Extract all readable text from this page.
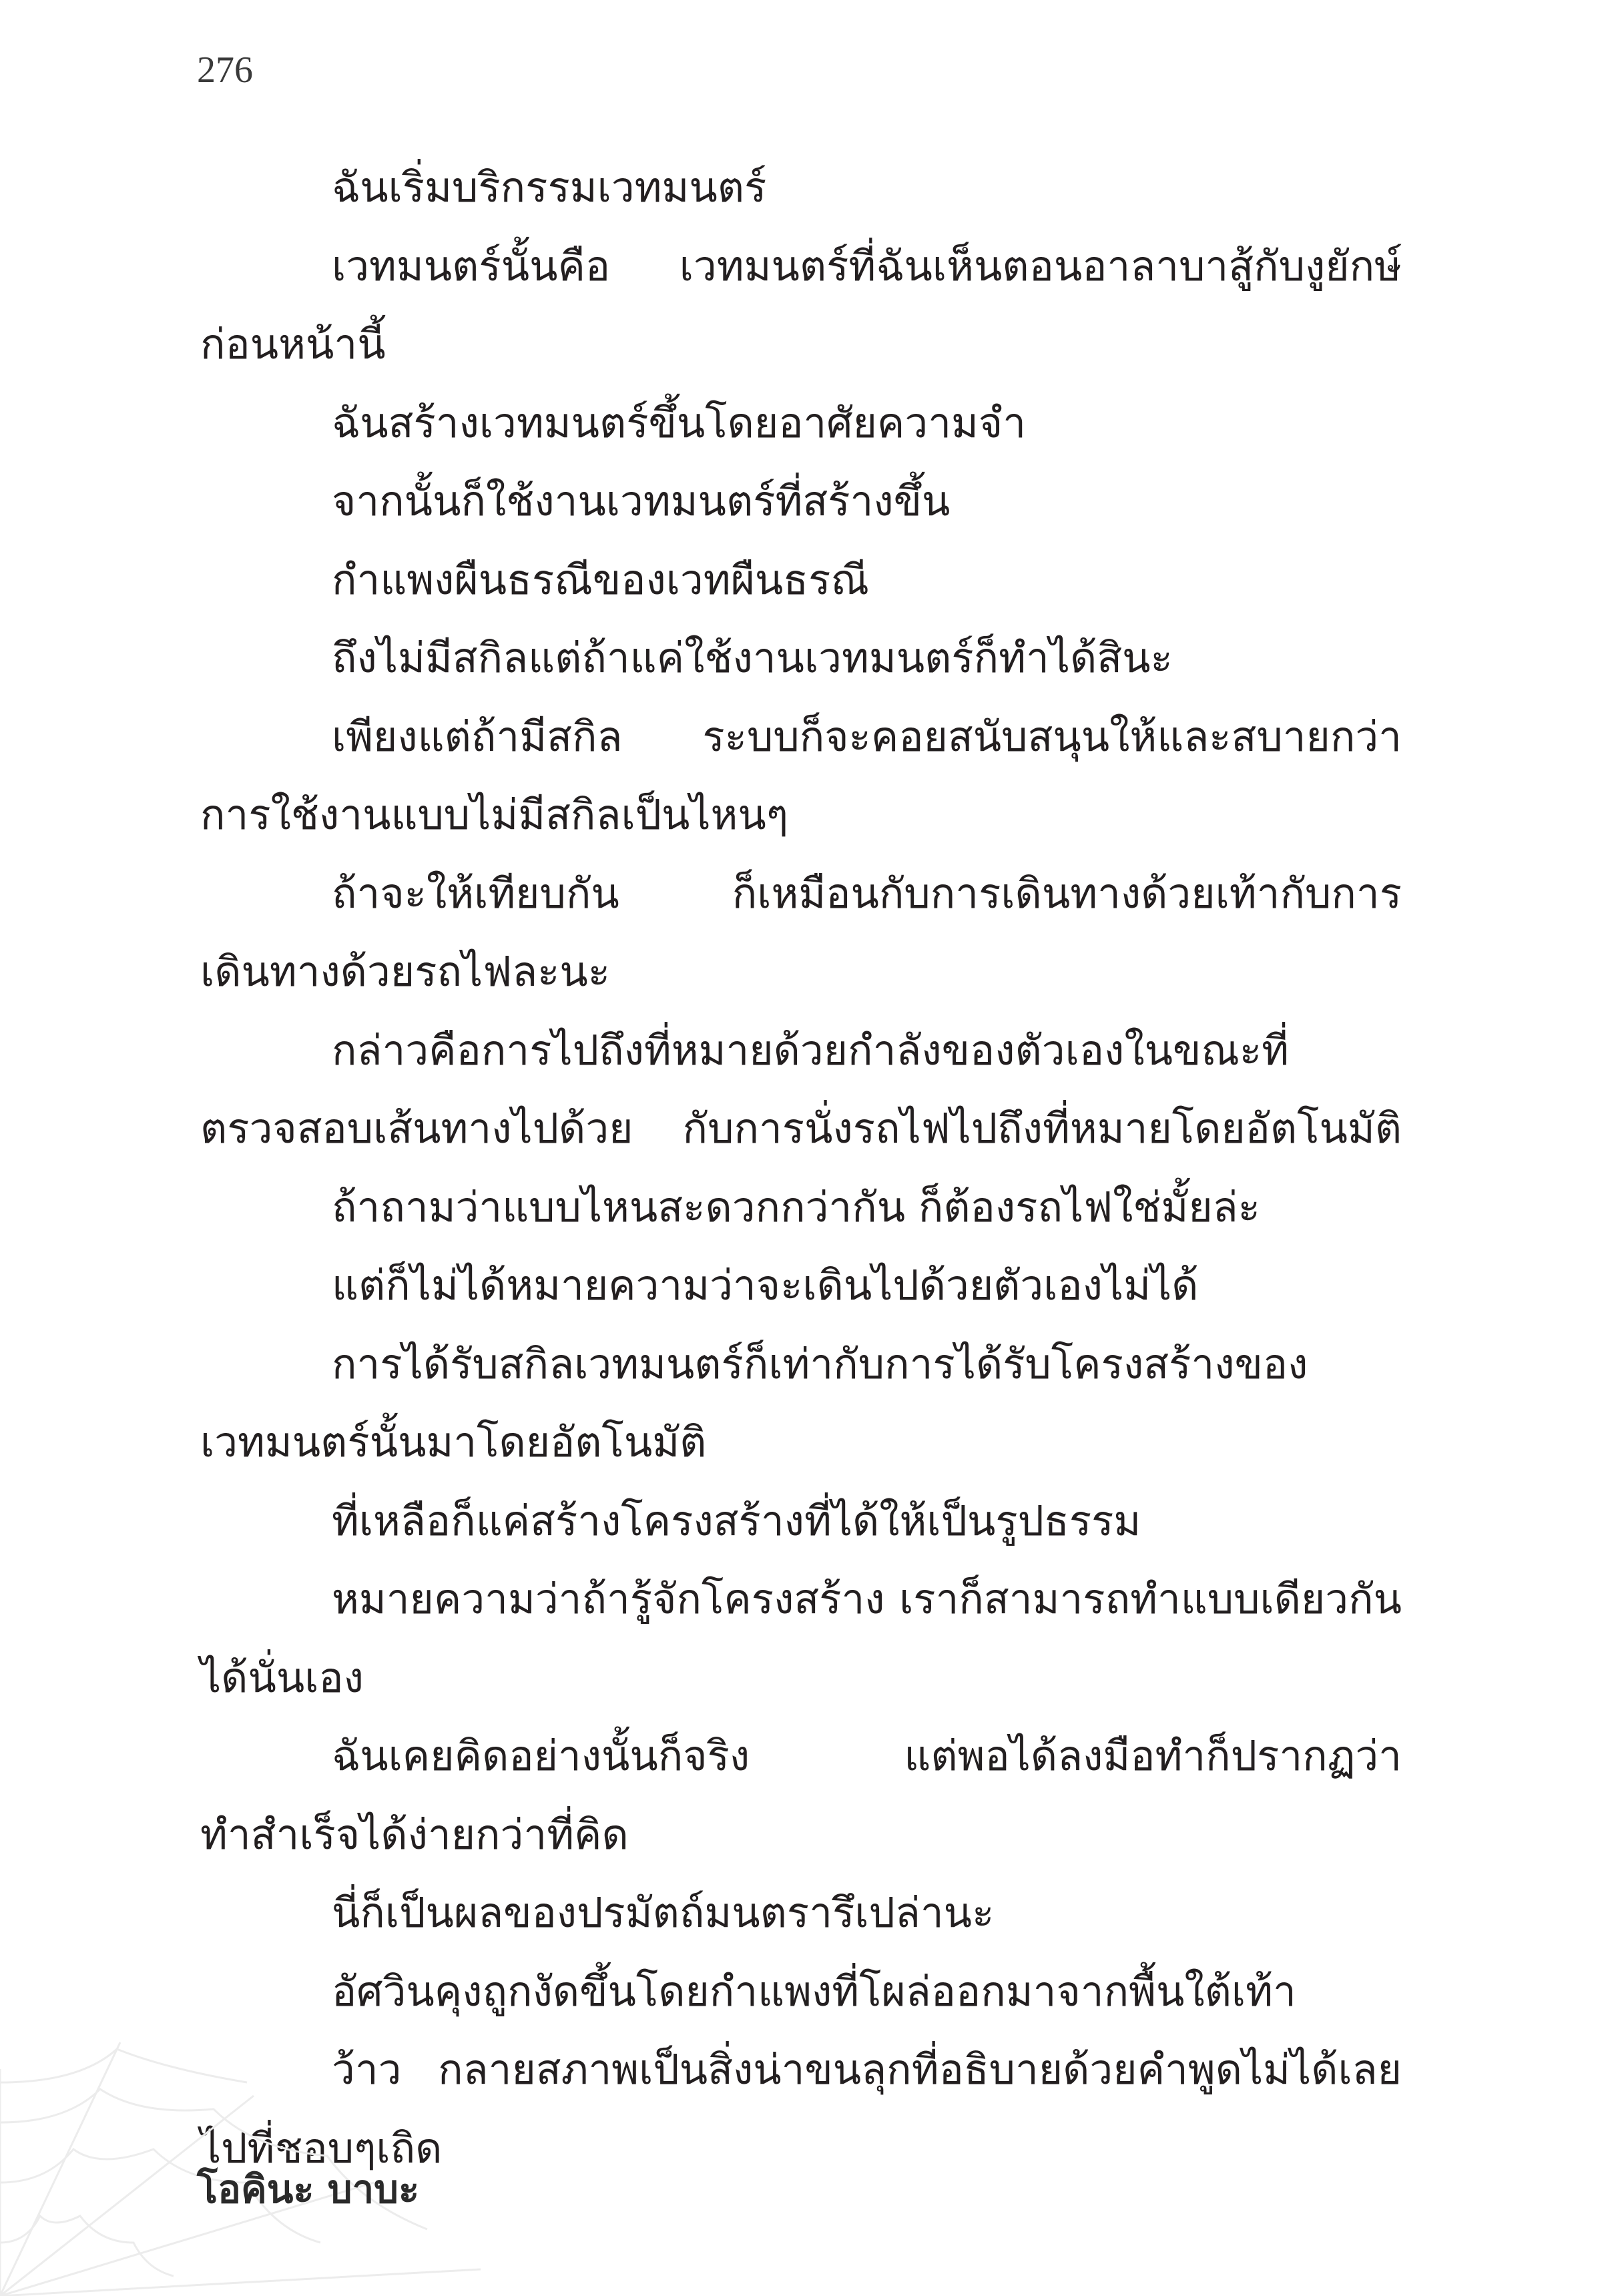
276
ฉันเริ่มบริกรรมเวทมนตร์
เวทมนตร์นั้นคือ เวทมนตร์ที่ฉันเห็นตอนอาลาบาสู้กับงูยักษ์
ก่อนหน้านี้
ฉันสร้างเวทมนตร์ขึ้นโดยอาศัยความจำ
จากนั้นก็ใช้งานเวทมนตร์ที่สร้างขึ้น
กำแพงผืนธรณีของเวทผืนธรณี
ถึงไม่มีสกิลแต่ถ้าแค่ใช้งานเวทมนตร์ก็ทำได้สินะ
เพียงแต่ถ้ามีสกิล ระบบก็จะคอยสนับสนุนให้และสบายกว่า
การใช้งานแบบไม่มีสกิลเป็นไหนๆ
ถ้าจะให้เทียบกัน ก็เหมือนกับการเดินทางด้วยเท้ากับการ
เดินทางด้วยรถไฟละนะ
กล่าวคือการไปถึงที่หมายด้วยกำลังของตัวเองในขณะที่
ตรวจสอบเส้นทางไปด้วย กับการนั่งรถไฟไปถึงที่หมายโดยอัตโนมัติ
ถ้าถามว่าแบบไหนสะดวกกว่ากัน ก็ต้องรถไฟใช่มั้ยล่ะ
แต่ก็ไม่ได้หมายความว่าจะเดินไปด้วยตัวเองไม่ได้
การได้รับสกิลเวทมนตร์ก็เท่ากับการได้รับโครงสร้างของ
เวทมนตร์นั้นมาโดยอัตโนมัติ
ที่เหลือก็แค่สร้างโครงสร้างที่ได้ให้เป็นรูปธรรม
หมายความว่าถ้ารู้จักโครงสร้าง เราก็สามารถทำแบบเดียวกัน
ได้นั่นเอง
ฉันเคยคิดอย่างนั้นก็จริง แต่พอได้ลงมือทำก็ปรากฏว่า
ทำสำเร็จได้ง่ายกว่าที่คิด
นี่ก็เป็นผลของปรมัตถ์มนตรารึเปล่านะ
อัศวินคุงถูกงัดขึ้นโดยกำแพงที่โผล่ออกมาจากพื้นใต้เท้า
ว้าว กลายสภาพเป็นสิ่งน่าขนลุกที่อธิบายด้วยคำพูดไม่ได้เลย
ไปที่ชอบๆเถิด
โอคินะ บาบะ
